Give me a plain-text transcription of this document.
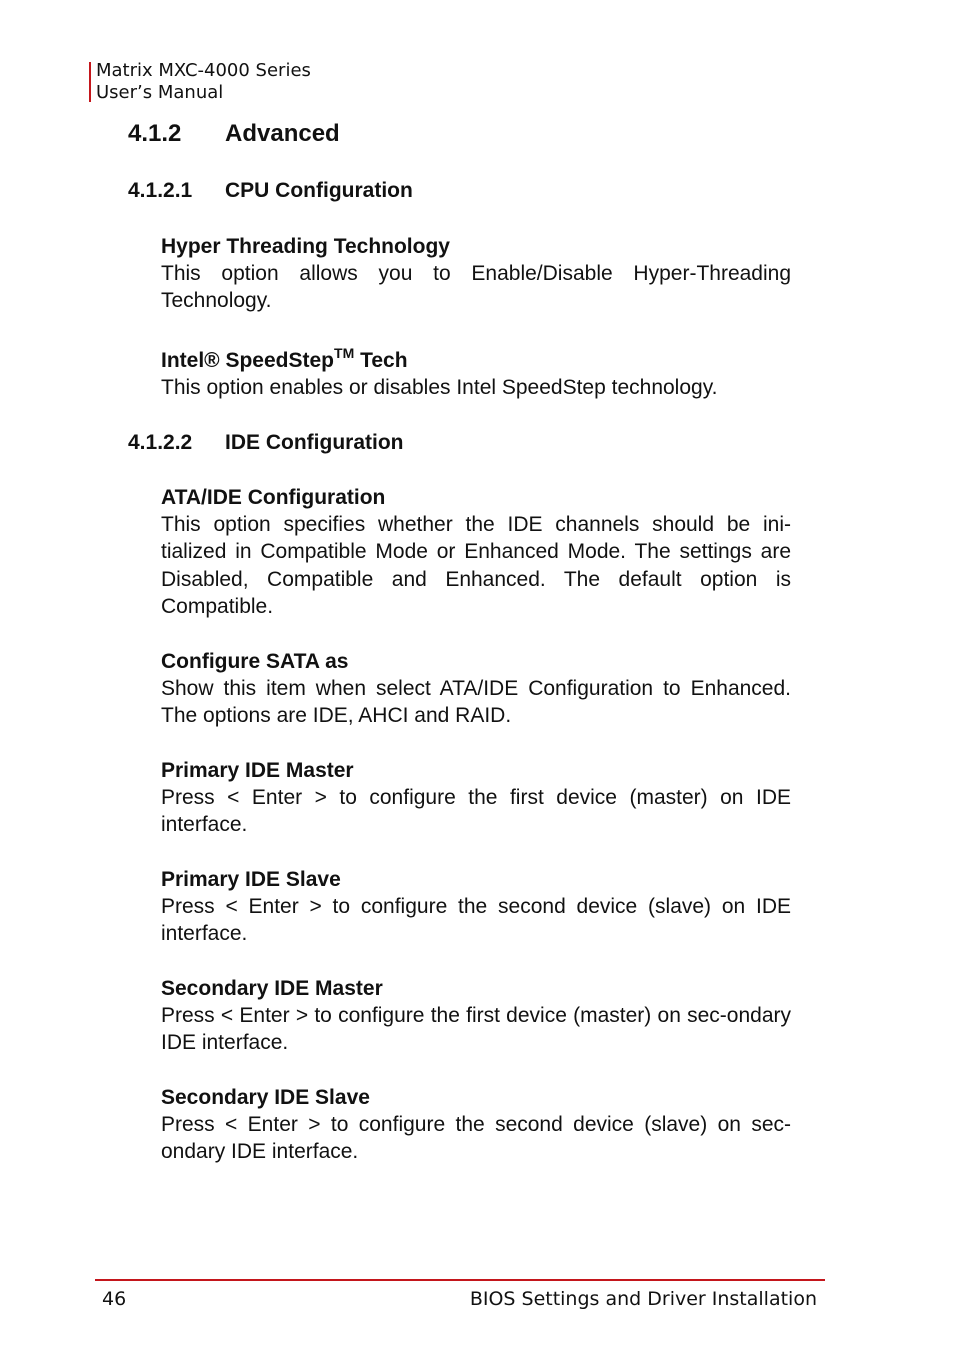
Matrix MXC-4000 Series
User’s Manual
4.1.2 Advanced
4.1.2.1 CPU Configuration
Hyper Threading Technology
This option allows you to Enable/Disable Hyper-Threading Technology.
Intel® SpeedStep™ Tech
This option enables or disables Intel SpeedStep technology.
4.1.2.2 IDE Configuration
ATA/IDE Configuration
This option specifies whether the IDE channels should be ini-tialized in Compatible Mode or Enhanced Mode. The settings are Disabled, Compatible and Enhanced. The default option is Compatible.
Configure SATA as
Show this item when select ATA/IDE Configuration to Enhanced. The options are IDE, AHCI and RAID.
Primary IDE Master
Press < Enter > to configure the first device (master) on IDE interface.
Primary IDE Slave
Press < Enter > to configure the second device (slave) on IDE interface.
Secondary IDE Master
Press < Enter > to configure the first device (master) on sec-ondary IDE interface.
Secondary IDE Slave
Press < Enter > to configure the second device (slave) on sec-ondary IDE interface.
46	BIOS Settings and Driver Installation
